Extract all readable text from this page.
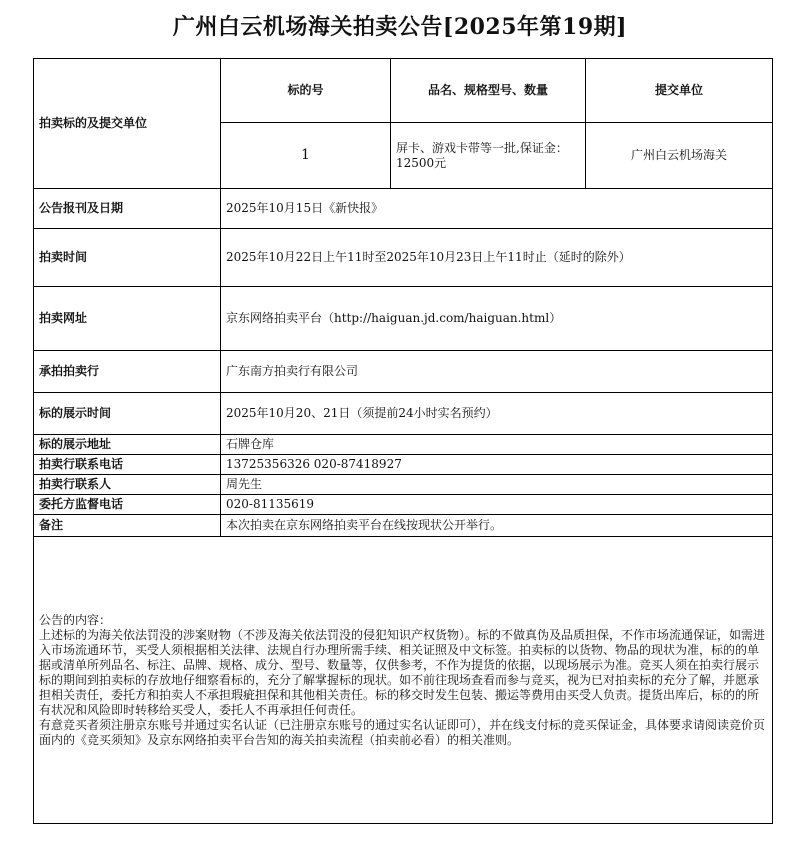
广州白云机场海关拍卖公告[2025年第19期]
拍卖标的及提交单位	标的号	品名、规格型号、数量	提交单位
	1	屏卡、游戏卡带等一批,保证金：12500元	广州白云机场海关
公告报刊及日期	2025年10月15日《新快报》		
拍卖时间	2025年10月22日上午11时至2025年10月23日上午11时止（延时的除外）		
拍卖网址	京东网络拍卖平台（http://haiguan.jd.com/haiguan.html）		
承拍拍卖行	广东南方拍卖行有限公司		
标的展示时间	2025年10月20、21日（须提前24小时实名预约）		
标的展示地址	石牌仓库		
拍卖行联系电话	13725356326 020-87418927		
拍卖行联系人	周先生		
委托方监督电话	020-81135619		
备注	本次拍卖在京东网络拍卖平台在线按现状公开举行。		

公告的内容：

上述标的为海关依法罚没的涉案财物（不涉及海关依法罚没的侵犯知识产权货物）。标的不做真伪及品质担保，不作市场流通保证，如需进入市场流通环节，买受人须根据相关法律、法规自行办理所需手续、相关证照及中文标签。拍卖标的以货物、物品的现状为准，标的的单据或清单所列品名、标注、品牌、规格、成分、型号、数量等，仅供参考，不作为提货的依据，以现场展示为准。竞买人须在拍卖行展示标的期间到拍卖标的存放地仔细察看标的，充分了解掌握标的现状。如不前往现场查看而参与竞买，视为已对拍卖标的充分了解，并愿承担相关责任，委托方和拍卖人不承担瑕疵担保和其他相关责任。标的移交时发生包装、搬运等费用由买受人负责。提货出库后，标的的所有状况和风险即时转移给买受人，委托人不再承担任何责任。

有意竞买者须注册京东账号并通过实名认证（已注册京东账号的通过实名认证即可），并在线支付标的竞买保证金，具体要求请阅读竞价页面内的《竞买须知》及京东网络拍卖平台告知的海关拍卖流程（拍卖前必看）的相关准则。			
